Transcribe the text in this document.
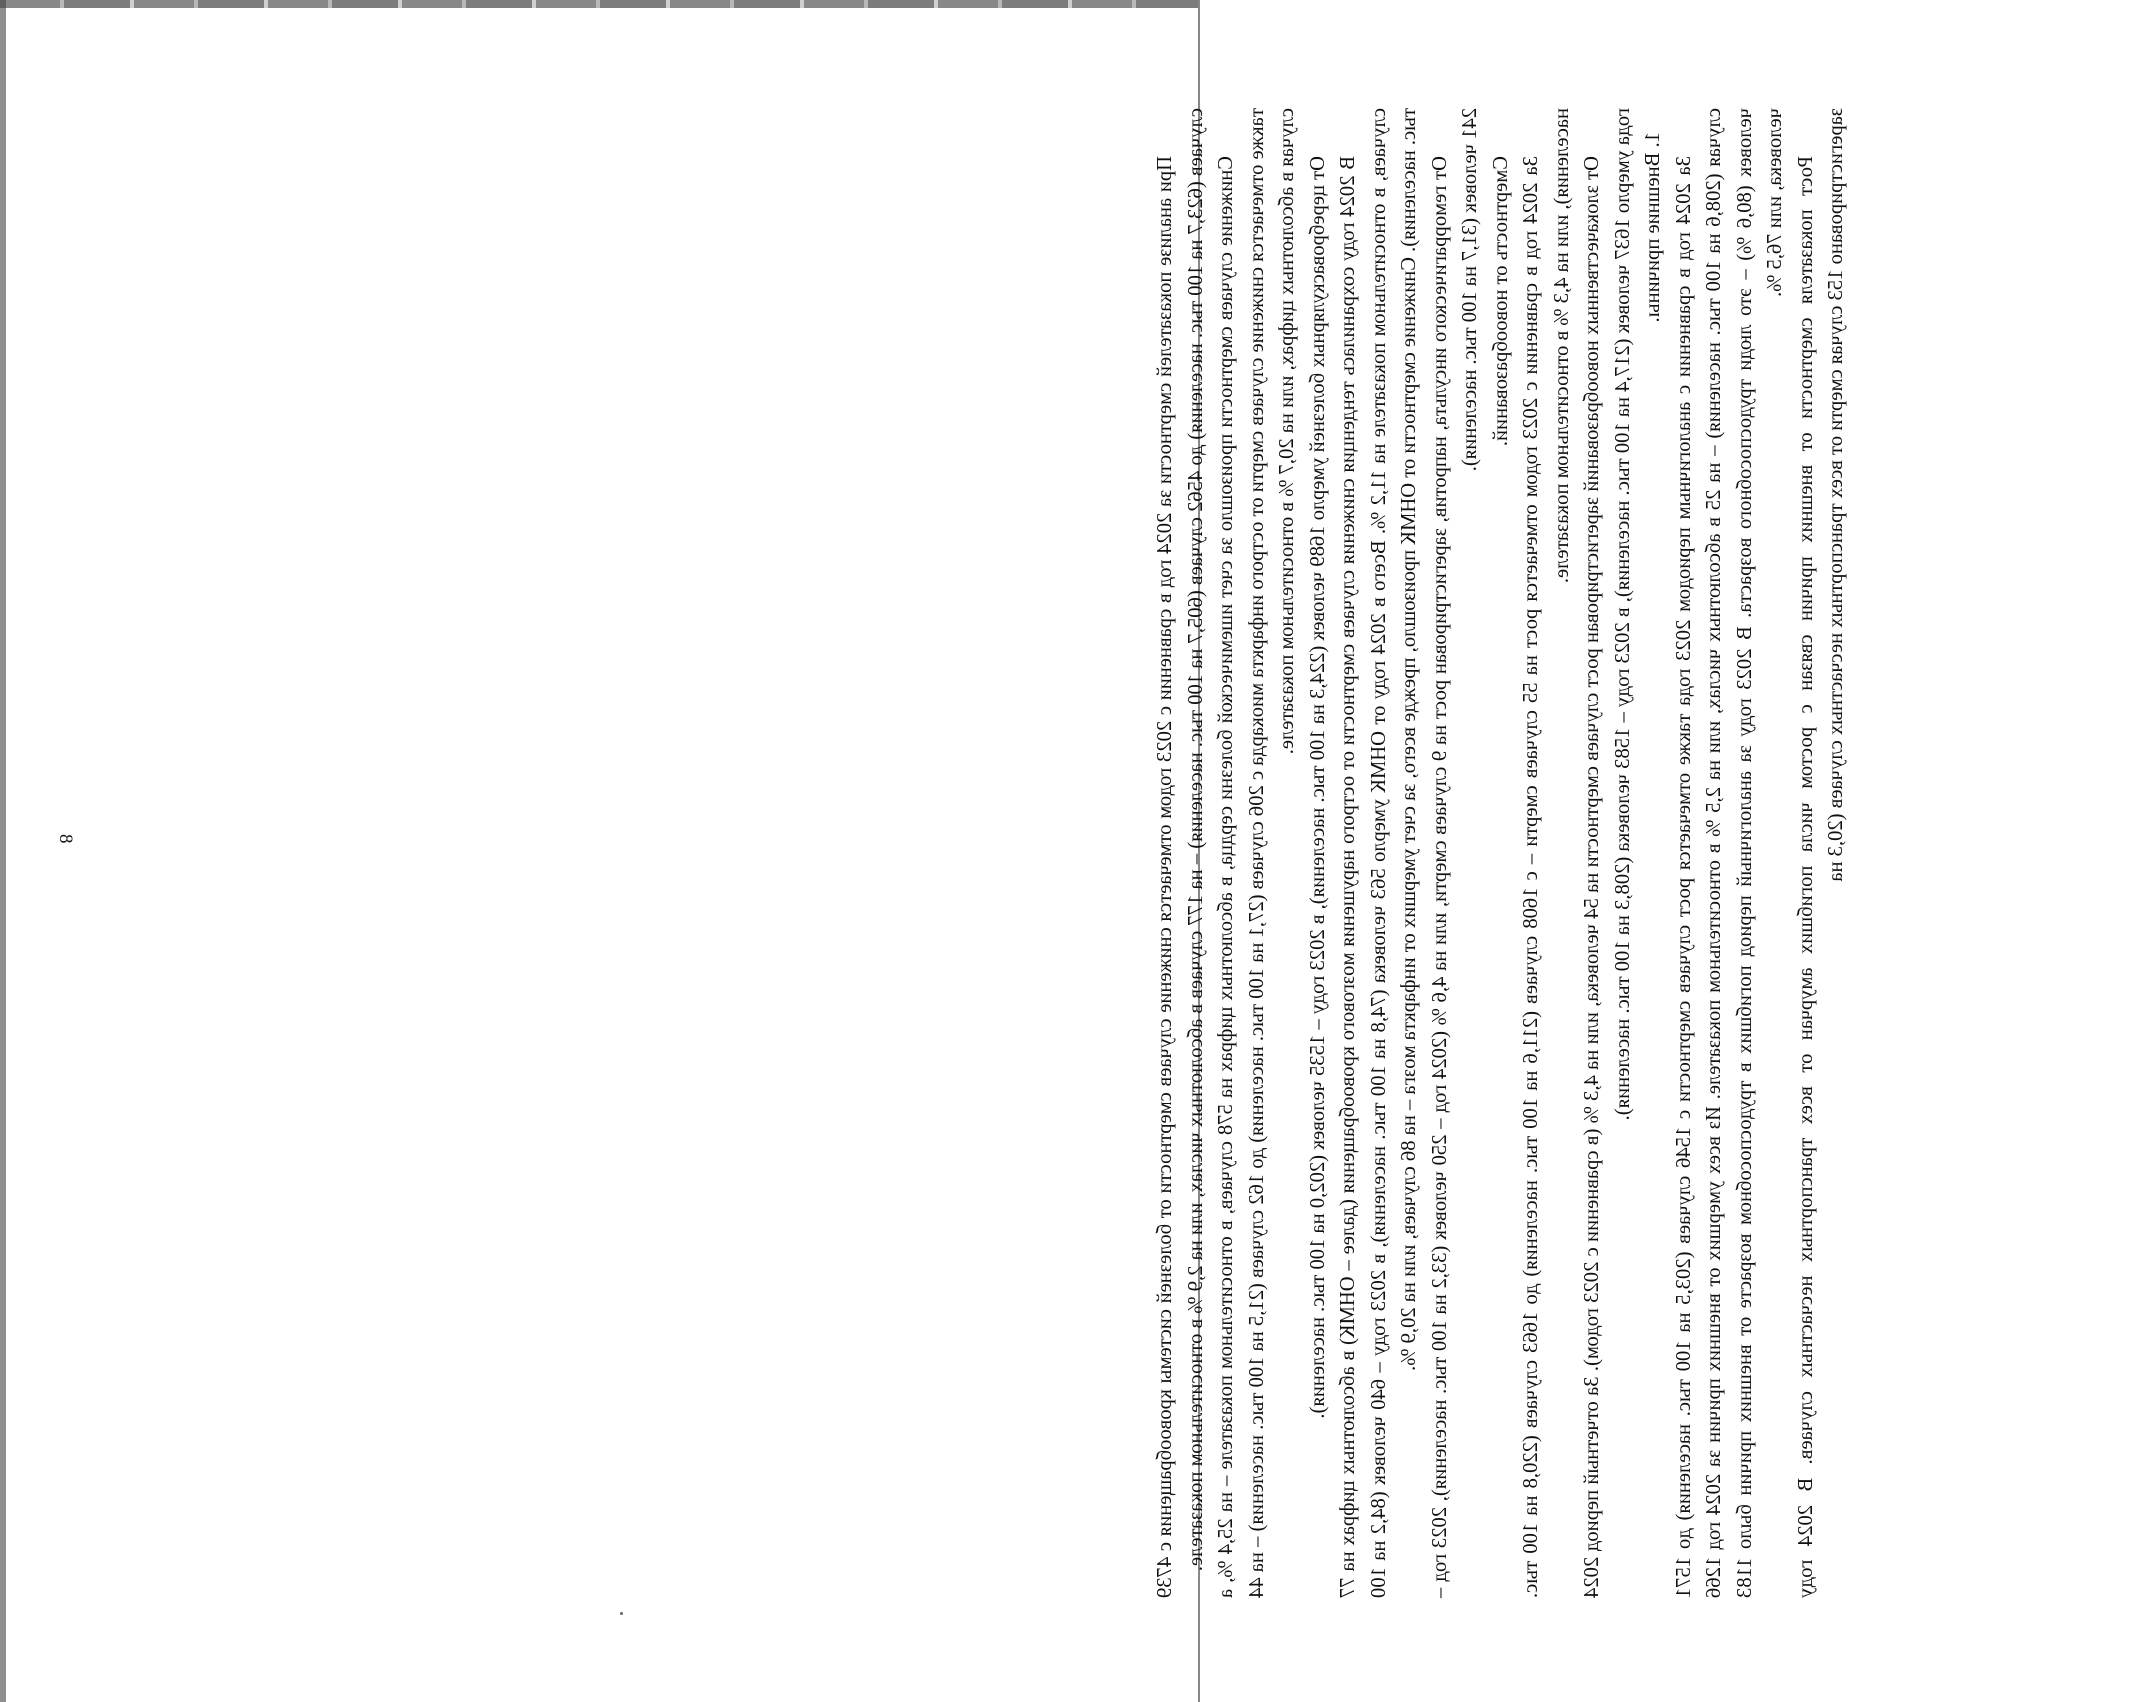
8	При анализе показателей смертности за 2024 год в сравнении с 2023 годом отмечается снижение случаев смертности от болезней системы кровообращения с 4739 случаев (623,7 на 100 тыс. населения) до 4562 случаев (605,7 на 100 тыс. населения) – на 177 случаев в абсолютных числах, или на 2,9 % в относительном показателе. Снижение случаев смертности произошло за счет ишемической болезни сердца, в абсолютных цифрах на 578 случаев, в относительном показателе – на 25,4 %, а также отмечается снижение случаев смерти от острого инфаркта миокарда с 206 случаев (27,1 на 100 тыс. населения) до 162 случаев (21,5 на 100 тыс. населения) – на 44 случая в абсолютных цифрах, или на 20,7 % в относительном показателе. От цереброваскулярных болезней умерло 1689 человек (224,3 на 100 тыс. населения), в 2023 году – 1535 человек (202,0 на 100 тыс. населения). В 2024 году сохранилась тенденция снижения случаев смертности от острого нарушения мозгового кровообращения (далее – ОНМК) в абсолютных цифрах на 77 случаев, в относительном показателе на 11,2 %. Всего в 2024 году от ОНМК умерло 563 человека (74,8 на 100 тыс. населения), в 2023 году – 640 человек (84,2 на 100 тыс. населения). Снижение смертности от ОНМК произошло, прежде всего, за счет умерших от инфаркта мозга – на 86 случаев, или на 20,9 %. От геморрагического инсульта, напротив, зарегистрирован рост на 9 случаев смерти, или на 4,6 % (2024 год – 250 человек (33,2 на 100 тыс. населения), 2023 год – 241 человек (31,7 на 100 тыс. населения). Смертность от новообразований. За 2024 год в сравнении с 2023 годом отмечается рост на 55 случаев смерти – с 1608 случаев (211,6 на 100 тыс. населения) до 1663 случаев (220,8 на 100 тыс. населения), или на 4,3 % в относительном показателе. От злокачественных новообразований зарегистрирован рост случаев смертности на 54 человека, или на 4,3 % (в сравнении с 2023 годом). За отчетный период 2024 года умерло 1637 человек (217,4 на 100 тыс. населения), в 2023 году – 1583 человека (208,3 на 100 тыс. населения). 1. Внешние причины. За 2024 год в сравнении с аналогичным периодом 2023 года также отмечается рост случаев смертности с 1546 случаев (203,5 на 100 тыс. населения) до 1571 случая (208,6 на 100 тыс. населения) – на 25 в абсолютных числах, или на 2,5 % в относительном показателе. Из всех умерших от внешних причин за 2024 год 1266 человек (80,6 %) – это люди трудоспособного возраста. В 2023 году за аналогичный период погибших в трудоспособном возрасте от внешних причин было 1183 человека, или 76,5 %. Рост показателя смертности от внешних причин связан с ростом числа погибших амурчан от всех транспортных несчастных случаев. В 2024 году зарегистрировано 153 случая смерти от всех транспортных несчастных случаев (20,3 на
